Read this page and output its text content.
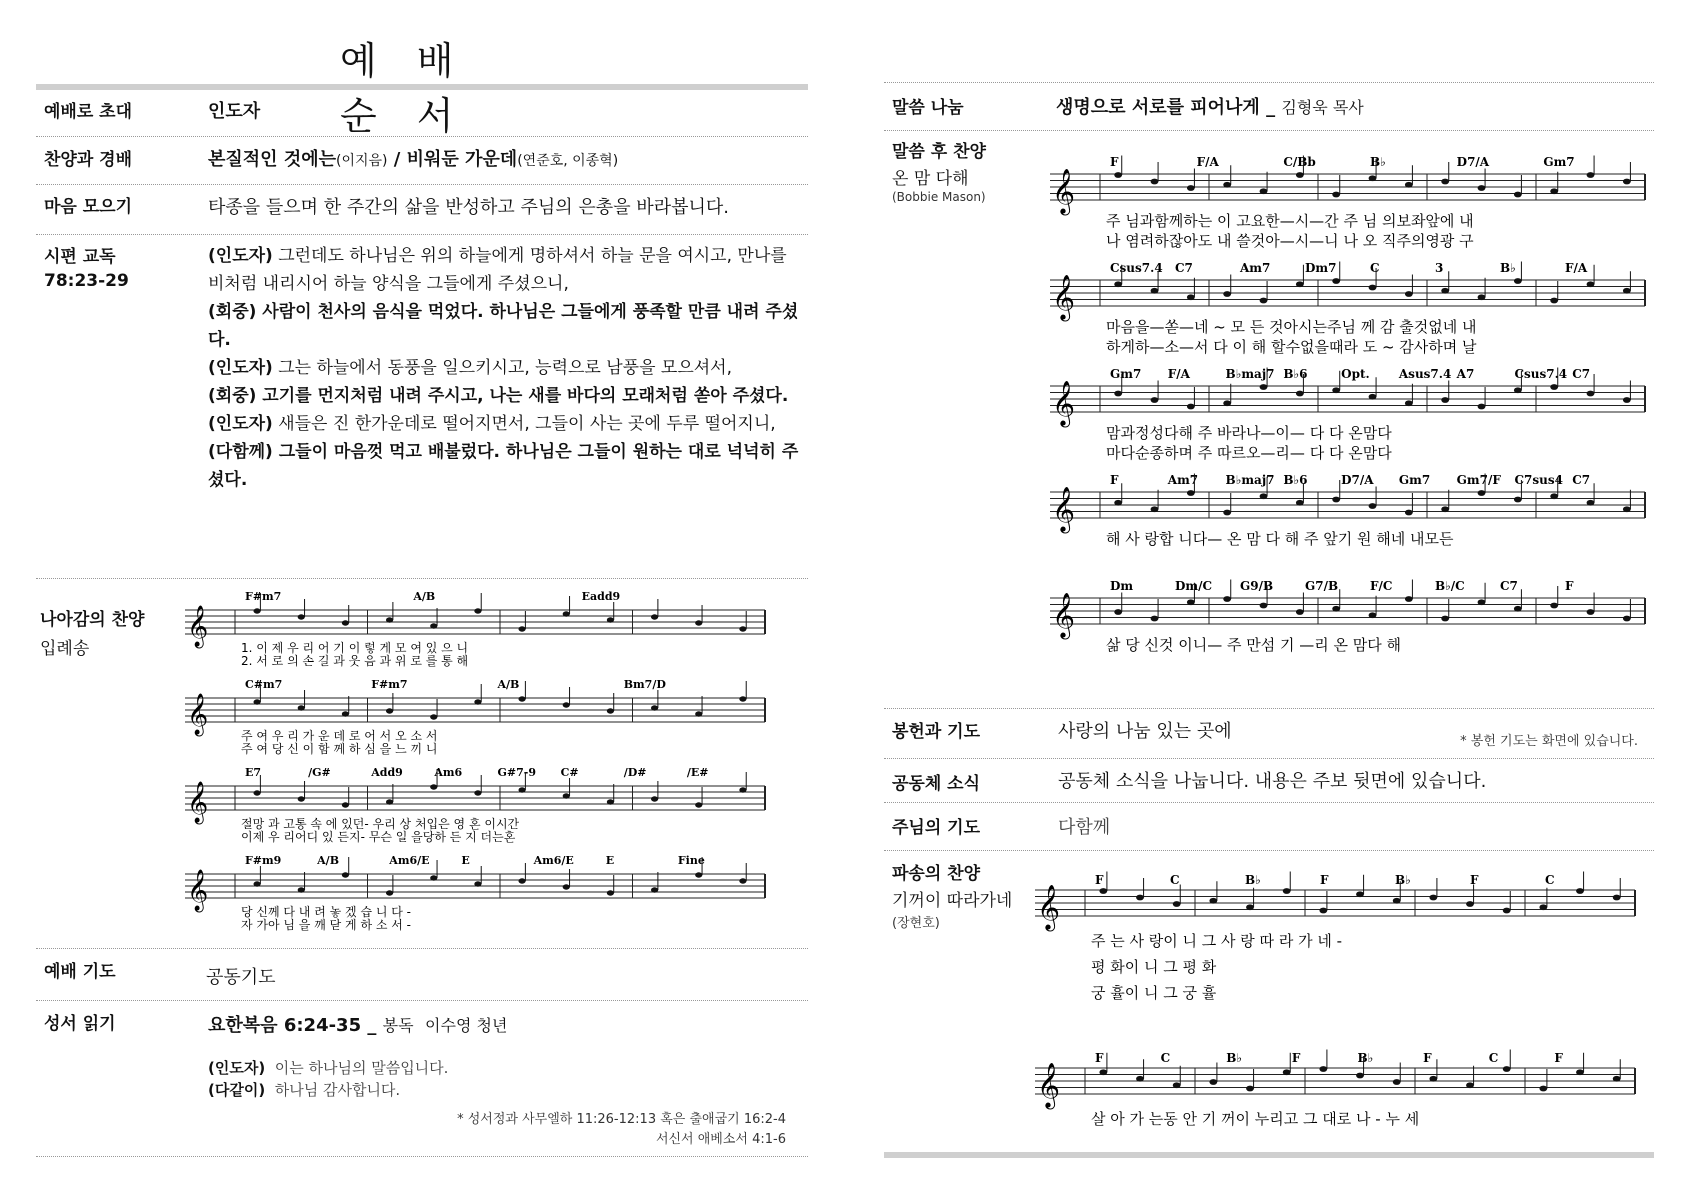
예 배 순 서
예배로 초대	인도자
찬양과 경배	본질적인 것에는(이지음) / 비워둔 가운데(연준호, 이종혁)
마음 모으기	타종을 들으며 한 주간의 삶을 반성하고 주님의 은총을 바라봅니다.
시편 교독
78:23-29

(인도자) 그런데도 하나님은 위의 하늘에게 명하셔서 하늘 문을 여시고, 만나를 비처럼 내리시어 하늘 양식을 그들에게 주셨으니,

(회중) 사람이 천사의 음식을 먹었다. 하나님은 그들에게 풍족할 만큼 내려 주셨다.

(인도자) 그는 하늘에서 동풍을 일으키시고, 능력으로 남풍을 모으셔서,

(회중) 고기를 먼지처럼 내려 주시고, 나는 새를 바다의 모래처럼 쏟아 주셨다.

(인도자) 새들은 진 한가운데로 떨어지면서, 그들이 사는 곳에 두루 떨어지니,

(다함께) 그들이 마음껏 먹고 배불렀다. 하나님은 그들이 원하는 대로 넉넉히 주셨다.

나아감의 찬양
입례송
F#m7	A/B	Eadd9
𝄞
1. 이 제 우 리 어 기 이 렇 게 모 여 있 으 니
2. 서 로 의 손 길 과 웃 음 과 위 로 를 통 해
C#m7	F#m7	A/B	Bm7/D
𝄞
주 여 우 리 가 운 데 로 어 서 오 소 서
주 여 당 신 이 함 께 하 심 을 느 끼 니
E7	/G#	Add9	Am6	G#7-9 C#	/D#	/E#
𝄞
절망 과 고통 속 에 있던- 우리 상 처입은 영 혼 이시간
이제 우 리어디 있 든지- 무슨 일 을당하 든 지 더는혼
F#m9	A/B	Am6/E	E	Am6/E	E	Fine
𝄞
당 신께 다 내 려 놓 겠 습 니 다 -
자 가아 님 을 깨 닫 게 하 소 서 -
예배 기도	공동기도
성서 읽기	요한복음 6:24-35 _ 봉독 이수영 청년
(인도자) 이는 하나님의 말씀입니다.
(다같이) 하나님 감사합니다.
* 성서정과 사무엘하 11:26-12:13 혹은 출애굽기 16:2-4
서신서 애베소서 4:1-6
말씀 나눔	생명으로 서로를 피어나게 _ 김형욱 목사
말씀 후 찬양
온 맘 다해
(Bobbie Mason)
F	F/A	C/Bb	B♭	D7/A	Gm7
𝄞
주 님과함께하는 이 고요한—시—간 주 님 의보좌앞에 내
나 염려하잖아도 내 쓸것아—시—니 나 오 직주의영광 구
Csus7.4 C7	Am7	Dm7	C	3	B♭	F/A
𝄞
마음을—쏟—네 ~ 모 든 것아시는주님 께 감 출것없네 내
하게하—소—서 다 이 해 할수없을때라 도 ~ 감사하며 날
Gm7 F/A	B♭maj7 B♭6	Opt. Asus7.4 A7	Csus7.4 C7
𝄞
맘과정성다해 주 바라나—이— 다 다 온맘다
마다순종하며 주 따르오—리— 다 다 온맘다
F	Am7 B♭maj7 B♭6	D7/A Gm7 Gm7/F C7sus4 C7
𝄞
해 사 랑합 니다— 온 맘 다 해 주 앞기 원 해네 내모든
Dm	Dm/C G9/B	G7/B	F/C	B♭/C	C7	F
𝄞
삶 당 신것 이니— 주 만섬 기 —리 온 맘다 해
봉헌과 기도	사랑의 나눔 있는 곳에	* 봉헌 기도는 화면에 있습니다.
공동체 소식	공동체 소식을 나눕니다. 내용은 주보 뒷면에 있습니다.
주님의 기도	다함께
파송의 찬양
기꺼이 따라가네
(장현호)
F	C	B♭	F	B♭	F	C
𝄞
주 는 사 랑이 니 그 사 랑 따 라 가 네 -
평 화이 니 그 평 화
궁 휼이 니 그 궁 휼
F	C	B♭	F	B♭	F	C	F
𝄞
살 아 가 는동 안 기 꺼이 누리고 그 대로 나 - 누 세
